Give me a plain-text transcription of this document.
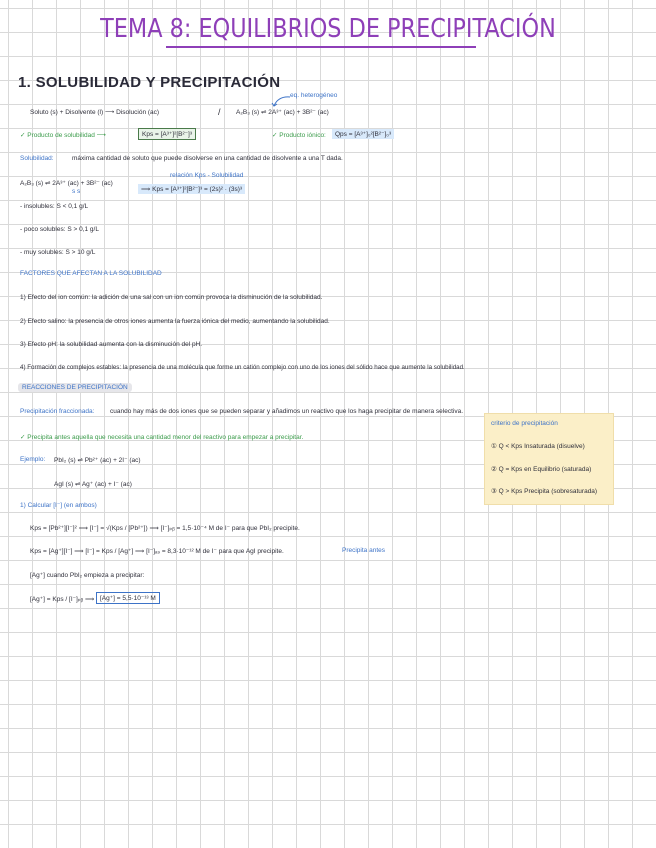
TEMA 8: EQUILIBRIOS DE PRECIPITACIÓN
1. SOLUBILIDAD Y PRECIPITACIÓN
Soluto (s) + Disolvente (l) ⟶ Disolución (ac)	/ A₂B₃ (s) ⇌ 2A³⁺ (ac) + 3B²⁻ (ac)
eq. heterogéneo
✓ Producto de solubilidad ⟶	Kps = [A³⁺]²[B²⁻]³	✓ Producto iónico:	Qps = [A³⁺]₀²[B²⁻]₀³
Solubilidad:	máxima cantidad de soluto que puede disolverse en una cantidad de disolvente a una T dada.
A₂B₃ (s) ⇌ 2A³⁺ (ac) + 3B²⁻ (ac)
s s
relación Kps - Solubilidad
⟹ Kps = [A³⁺]²[B²⁻]³ = (2s)² · (3s)³
- insolubles: S < 0,1 g/L
- poco solubles: S > 0,1 g/L
- muy solubles: S > 10 g/L
FACTORES QUE AFECTAN A LA SOLUBILIDAD
1) Efecto del ion común: la adición de una sal con un ion común provoca la disminución de la solubilidad.
2) Efecto salino: la presencia de otros iones aumenta la fuerza iónica del medio, aumentando la solubilidad.
3) Efecto pH: la solubilidad aumenta con la disminución del pH.
4) Formación de complejos estables: la presencia de una molécula que forme un catión complejo con uno de los iones del sólido hace que aumente la solubilidad.
REACCIONES DE PRECIPITACIÓN
Precipitación fraccionada: cuando hay más de dos iones que se pueden separar y añadimos un reactivo que los haga precipitar de manera selectiva.
✓ Precipita antes aquella que necesita una cantidad menor del reactivo para empezar a precipitar.
Ejemplo: PbI₂ (s) ⇌ Pb²⁺ (ac) + 2I⁻ (ac)
AgI (s) ⇌ Ag⁺ (ac) + I⁻ (ac)
1) Calcular [I⁻] (en ambos)
Kps = [Pb²⁺][I⁻]² ⟹ [I⁻] = √(Kps / [Pb²⁺]) ⟹ [I⁻]ₚᵦ = 1,5·10⁻⁴ M de I⁻ para que PbI₂ precipite.
Kps = [Ag⁺][I⁻] ⟹ [I⁻] = Kps / [Ag⁺] ⟹ [I⁻]ₐ₉ = 8,3·10⁻¹² M de I⁻ para que AgI precipite.	Precipita antes
[Ag⁺] cuando PbI₂ empieza a precipitar:
[Ag⁺] = Kps / [I⁻]ₚᵦ ⟹ [Ag⁺] = 5,5·10⁻¹³ M
criterio de precipitación
① Q < Kps Insaturada (disuelve)
② Q = Kps en Equilibrio (saturada)
③ Q > Kps Precipita (sobresaturada)
